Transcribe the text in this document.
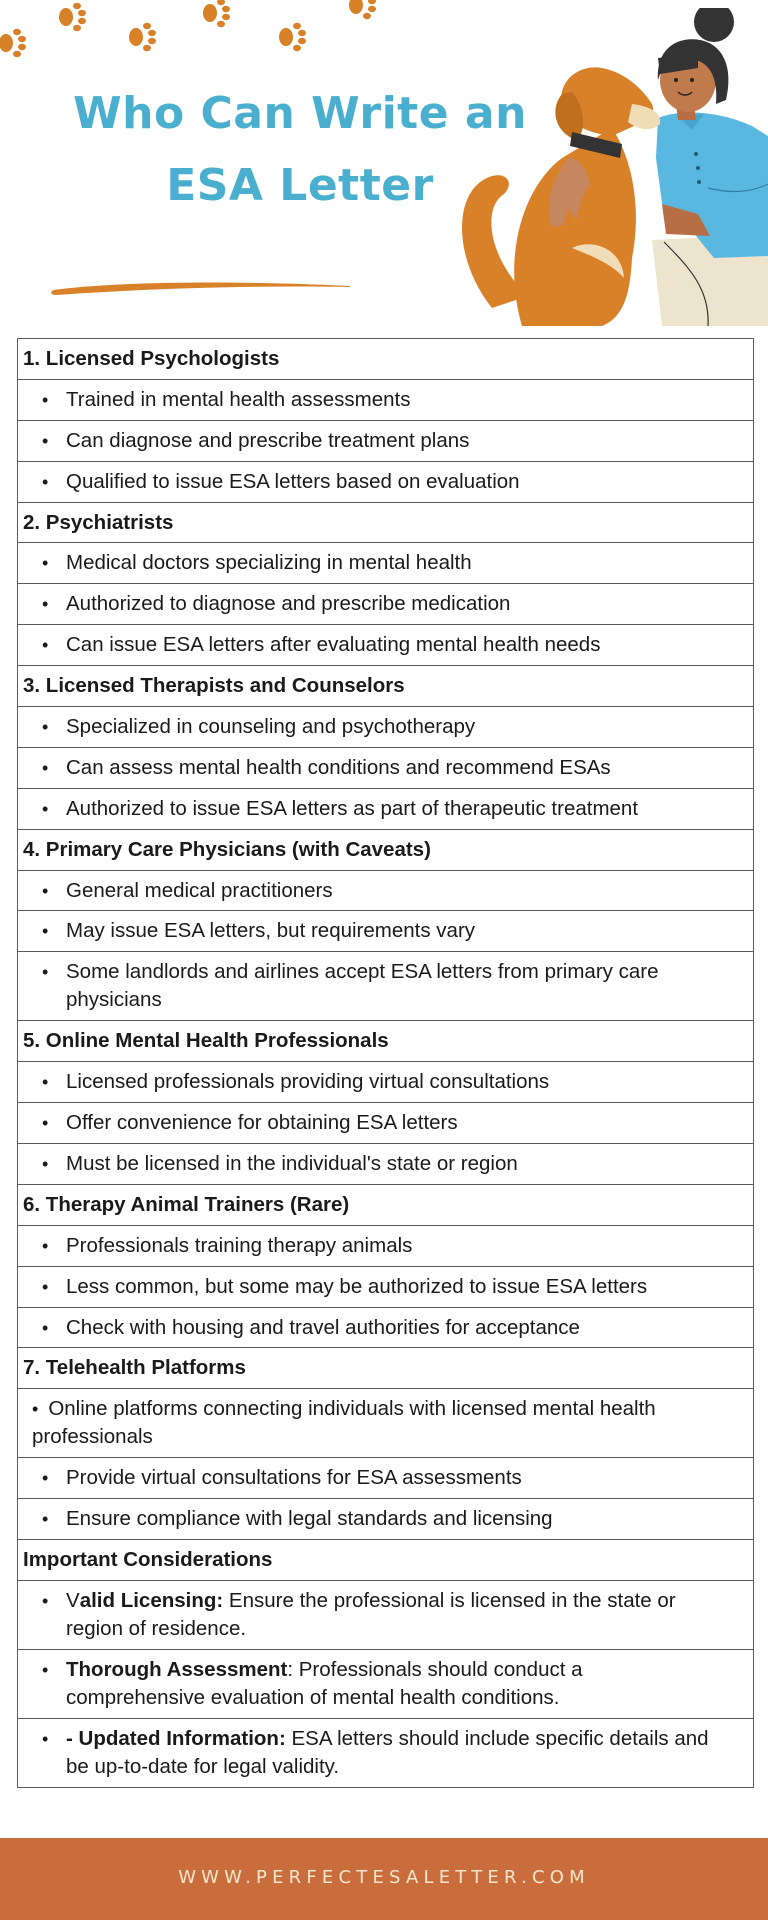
Who Can Write an
ESA Letter
1. Licensed Psychologists
• Trained in mental health assessments
• Can diagnose and prescribe treatment plans
• Qualified to issue ESA letters based on evaluation
2. Psychiatrists
• Medical doctors specializing in mental health
• Authorized to diagnose and prescribe medication
• Can issue ESA letters after evaluating mental health needs
3. Licensed Therapists and Counselors
• Specialized in counseling and psychotherapy
• Can assess mental health conditions and recommend ESAs
• Authorized to issue ESA letters as part of therapeutic treatment
4. Primary Care Physicians (with Caveats)
• General medical practitioners
• May issue ESA letters, but requirements vary
• Some landlords and airlines accept ESA letters from primary care physicians
5. Online Mental Health Professionals
• Licensed professionals providing virtual consultations
• Offer convenience for obtaining ESA letters
• Must be licensed in the individual's state or region
6. Therapy Animal Trainers (Rare)
• Professionals training therapy animals
• Less common, but some may be authorized to issue ESA letters
• Check with housing and travel authorities for acceptance
7. Telehealth Platforms
•  Online platforms connecting individuals with licensed mental health professionals
• Provide virtual consultations for ESA assessments
• Ensure compliance with legal standards and licensing
Important Considerations
• Valid Licensing: Ensure the professional is licensed in the state or region of residence.
• Thorough Assessment: Professionals should conduct a comprehensive evaluation of mental health conditions.
• - Updated Information: ESA letters should include specific details and be up-to-date for legal validity.
WWW.PERFECTESALETTER.COM
